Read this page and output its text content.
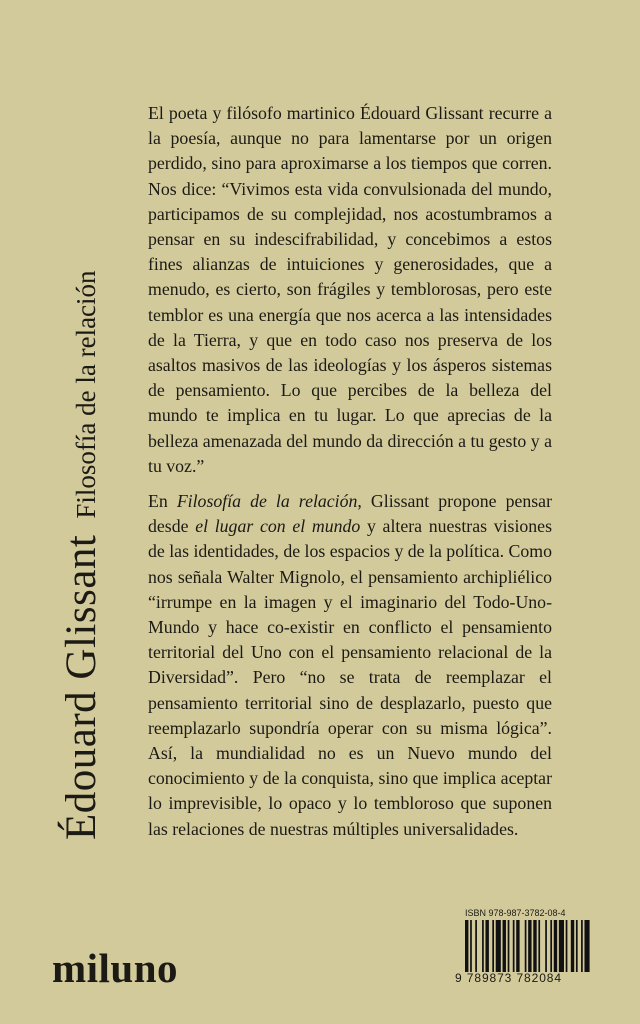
Édouard Glissant
Filosofía de la relación

El poeta y filósofo martinico Édouard Glissant recurre a la poesía, aunque no para lamentarse por un origen perdido, sino para aproximarse a los tiempos que corren. Nos dice: “Vivimos esta vida convulsionada del mundo, participamos de su complejidad, nos acostumbramos a pensar en su indescifrabilidad, y concebimos a estos fines alianzas de intuiciones y generosidades, que a menudo, es cierto, son frágiles y temblorosas, pero este temblor es una energía que nos acerca a las intensidades de la Tierra, y que en todo caso nos preserva de los asaltos masivos de las ideologías y los ásperos sistemas de pensamiento. Lo que percibes de la belleza del mundo te implica en tu lugar. Lo que aprecias de la belleza amenazada del mundo da dirección a tu gesto y a tu voz.”

En Filosofía de la relación, Glissant propone pensar desde el lugar con el mundo y altera nuestras visiones de las identidades, de los espacios y de la política. Como nos señala Walter Mignolo, el pensamiento archipliélico “irrumpe en la imagen y el imaginario del Todo-Uno-Mundo y hace co-existir en conflicto el pensamiento territorial del Uno con el pensamiento relacional de la Diversidad”. Pero “no se trata de reemplazar el pensamiento territorial sino de desplazarlo, puesto que reemplazarlo supondría operar con su misma lógica”. Así, la mundialidad no es un Nuevo mundo del conocimiento y de la conquista, sino que implica aceptar lo imprevisible, lo opaco y lo tembloroso que suponen las relaciones de nuestras múltiples universalidades.

miluno
ISBN 978-987-3782-08-4
9 789873 782084
